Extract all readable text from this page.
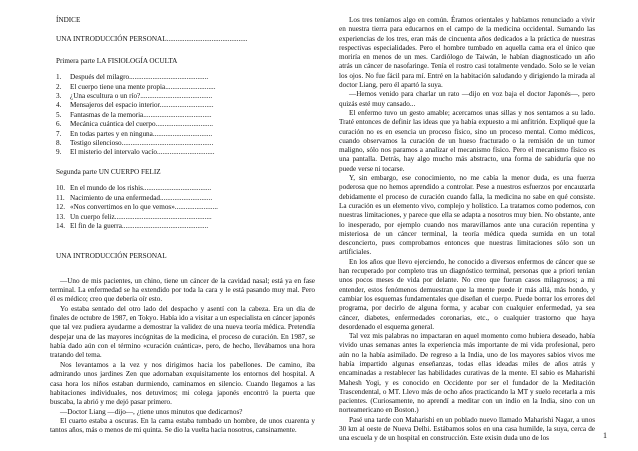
ÍNDICE
UNA INTRODUCCIÓN PERSONAL.............................................
Primera parte LA FISIOLOGÍA OCULTA
1.	Después del milagro............................................
2.	El cuerpo tiene una mente propia............................
3.	¿Una escultura o un río?........................................
4.	Mensajeros del espacio interior..............................
5.	Fantasmas de la memoria......................................
6.	Mecánica cuántica del cuerpo................................
7.	En todas partes y en ninguna.................................
8.	Testigo silencioso...................................................
9.	El misterio del intervalo vacío................................
Segunda parte UN CUERPO FELIZ
10. En el mundo de los rishis......................................
11. Nacimiento de una enfermedad.............................
12. «Nos convertimos en lo que vemos»........................
13. Un cuerpo feliz......................................................
14. El fin de la guerra................................................
UNA INTRODUCCIÓN PERSONAL

—Uno de mis pacientes, un chino, tiene un cáncer de la cavidad nasal; está ya en fase terminal. La enfermedad se ha extendido por toda la cara y le está pasando muy mal. Pero él es médico; creo que debería oír esto.

Yo estaba sentado del otro lado del despacho y asentí con la cabeza. Era un día de finales de octubre de 1987, en Tokyo. Había ido a visitar a un especialista en cáncer japonés que tal vez pudiera ayudarme a demostrar la validez de una nueva teoría médica. Pretendía despejar una de las mayores incógnitas de la medicina, el proceso de curación. En 1987, se había dado aún con el término «curación cuántica», pero, de hecho, llevábamos una hora tratando del tema.

Nos levantamos a la vez y nos dirigimos hacia los pabellones. De camino, iba admirando unos jardines Zen que adornaban exquisitamente los entornos del hospital. A casa hora los niños estaban durmiendo, caminamos en silencio. Cuando llegamos a las habitaciones individuales, nos detuvimos; mi colega japonés encontró la puerta que buscaba, la abrió y me dejó pasar primero.

—Doctor Liang —dijo—, ¿tiene unos minutos que dedicarnos?

El cuarto estaba a oscuras. En la cama estaba tumbado un hombre, de unos cuarenta y tantos años, más o menos de mi quinta. Se dio la vuelta hacia nosotros, cansinamente.

Los tres teníamos algo en común. Éramos orientales y habíamos renunciado a vivir en nuestra tierra para educarnos en el campo de la medicina occidental. Sumando las experiencias de los tres, eran más de cincuenta años dedicados a la práctica de nuestras respectivas especialidades. Pero el hombre tumbado en aquella cama era el único que moriría en menos de un mes. Cardiólogo de Taiwán, le habían diagnosticado un año atrás un cáncer de nasofaringe. Tenía el rostro casi totalmente vendado. Solo se le veían los ojos. No fue fácil para mí. Entré en la habitación saludando y dirigiendo la mirada al doctor Liang, pero él apartó la suya.

—Hemos venido para charlar un rato —dijo en voz baja el doctor Japonés—, pero quizás esté muy cansado...

El enfermo tuvo un gesto amable; acercamos unas sillas y nos sentamos a su lado. Traté entonces de definir las ideas que ya había expuesto a mi anfitrión. Expliqué que la curación no es en esencia un proceso físico, sino un proceso mental. Como médicos, cuando observamos la curación de un hueso fracturado o la remisión de un tumor maligno, sólo nos paramos a analizar el mecanismo físico. Pero el mecanismo físico es una pantalla. Detrás, hay algo mucho más abstracto, una forma de sabiduría que no puede verse ni tocarse.

Y, sin embargo, ese conocimiento, no me cabía la menor duda, es una fuerza poderosa que no hemos aprendido a controlar. Pese a nuestros esfuerzos por encauzarla debidamente el proceso de curación cuando falla, la medicina no sabe en qué consiste. La curación es un elemento vivo, complejo y holístico. La tratamos como podemos, con nuestras limitaciones, y parece que ella se adapta a nosotros muy bien. No obstante, ante lo inesperado, por ejemplo cuando nos maravillamos ante una curación repentina y misteriosa de un cáncer terminal, la teoría médica queda sumida en un total desconcierto, pues comprobamos entonces que nuestras limitaciones sólo son un artificiales.

En los años que llevo ejerciendo, he conocido a diversos enfermos de cáncer que se han recuperado por completo tras un diagnóstico terminal, personas que a priori tenían unos pocos meses de vida por delante. No creo que fueran casos milagrosos; a mi entender, estos fenómenos demuestran que la mente puede ir más allá, más hondo, y cambiar los esquemas fundamentales que diseñan el cuerpo. Puede borrar los errores del programa, por decirlo de alguna forma, y acabar con cualquier enfermedad, ya sea cáncer, diabetes, enfermedades coronarias, etc., o cualquier trastorno que haya desordenado el esquema general.

Tal vez mis palabras no impactaran en aquel momento como hubiera deseado, había vivido unas semanas antes la experiencia más importante de mi vida profesional, pero aún no la había asimilado. De regreso a la India, uno de los mayores sabios vivos me había impartido algunas enseñanzas, todas ellas ideadas miles de años atrás y encaminadas a restablecer las habilidades curativas de la mente. El sabio es Maharishi Mahesh Yogi, y es conocido en Occidente por ser el fundador de la Meditación Trascendental, o MT. Llevo más de ocho años practicando la MT y suelo recetarla a mis pacientes. (Curiosamente, no aprendí a meditar con un indio en la India, sino con un norteamericano en Boston.)

Pasé una tarde con Maharishi en un poblado nuevo llamado Maharishi Nagar, a unos 30 km al oeste de Nueva Delhi. Estábamos solos en una casa humilde, la suya, cerca de una escuela y de un hospital en construcción. Este exisin duda uno de los	1
